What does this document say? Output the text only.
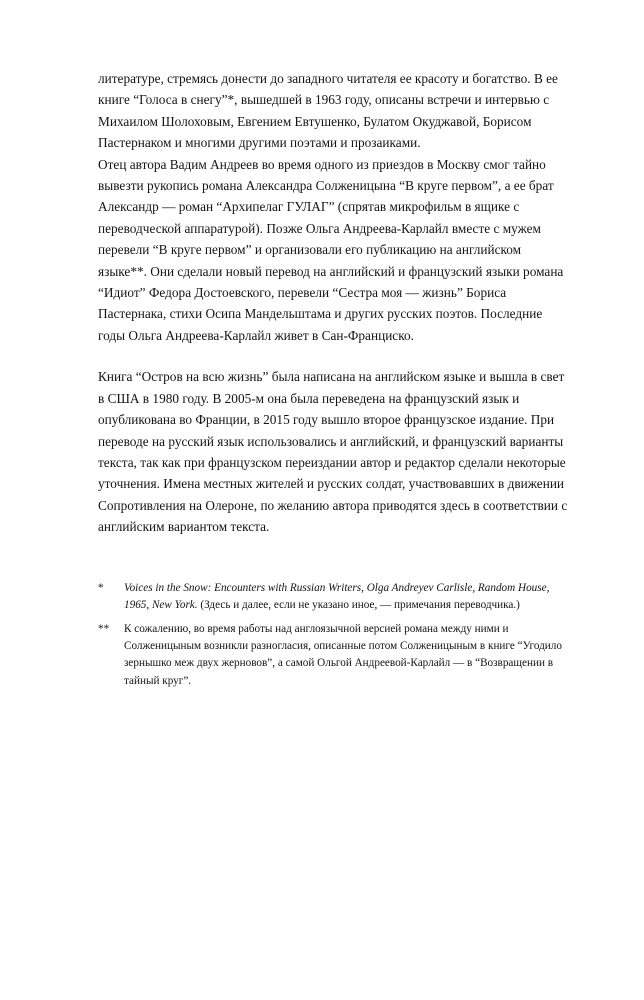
литературе, стремясь донести до западного читателя ее красоту и богатство. В ее книге “Голоса в снегу”*, вышедшей в 1963 году, описаны встречи и интервью с Михаилом Шолоховым, Евгением Евтушенко, Булатом Окуджавой, Борисом Пастернаком и многими другими поэтами и прозаиками.

Отец автора Вадим Андреев во время одного из приездов в Москву смог тайно вывезти рукопись романа Александра Солженицына “В круге первом”, а ее брат Александр — роман “Архипелаг ГУЛАГ” (спрятав микрофильм в ящике с переводческой аппаратурой). Позже Ольга Андреева-Карлайл вместе с мужем перевели “В круге первом” и организовали его публикацию на английском языке**. Они сделали новый перевод на английский и французский языки романа “Идиот” Федора Достоевского, перевели “Сестра моя — жизнь” Бориса Пастернака, стихи Осипа Мандельштама и других русских поэтов. Последние годы Ольга Андреева-Карлайл живет в Сан-Франциско.

Книга “Остров на всю жизнь” была написана на английском языке и вышла в свет в США в 1980 году. В 2005-м она была переведена на французский язык и опубликована во Франции, в 2015 году вышло второе французское издание. При переводе на русский язык использовались и английский, и французский варианты текста, так как при французском переиздании автор и редактор сделали некоторые уточнения. Имена местных жителей и русских солдат, участвовавших в движении Сопротивления на Олероне, по желанию автора приводятся здесь в соответствии с английским вариантом текста.

*	Voices in the Snow: Encounters with Russian Writers, Olga Andreyev Carlisle, Random House, 1965, New York. (Здесь и далее, если не указано иное, — примечания переводчика.)
**	К сожалению, во время работы над англоязычной версией романа между ними и Солженицыным возникли разногласия, описанные потом Солженицыным в книге “Угодило зернышко меж двух жерновов”, а самой Ольгой Андреевой-Карлайл — в “Возвращении в тайный круг”.
